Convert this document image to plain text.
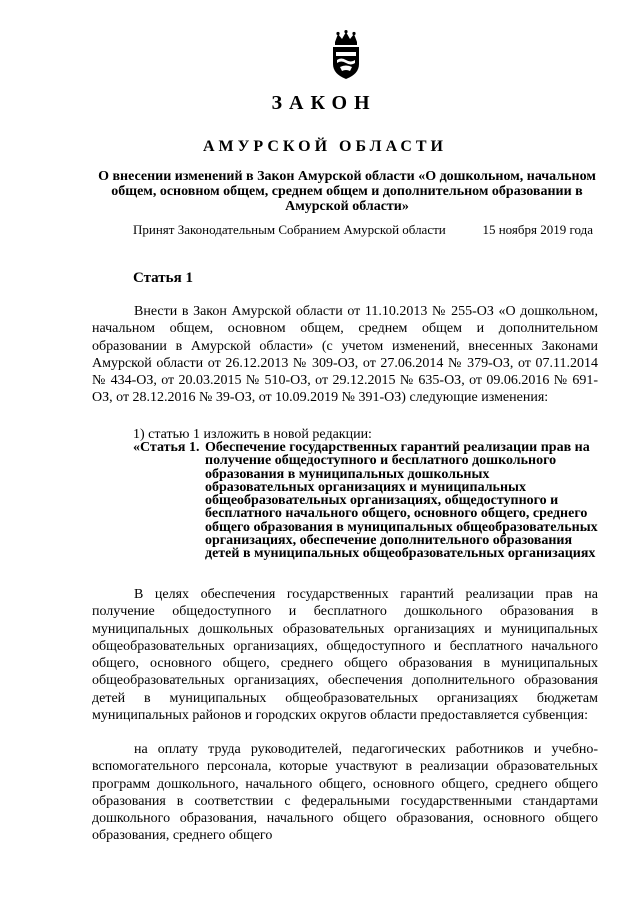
ЗАКОН
АМУРСКОЙ ОБЛАСТИ
О внесении изменений в Закон Амурской области «О дошкольном, начальном общем, основном общем, среднем общем и дополнительном образовании в Амурской области»
Принят Законодательным Собранием Амурской области	15 ноября 2019 года
Статья 1
Внести в Закон Амурской области от 11.10.2013 № 255-ОЗ «О дошкольном, начальном общем, основном общем, среднем общем и дополнительном образовании в Амурской области» (с учетом изменений, внесенных Законами Амурской области от 26.12.2013 № 309-ОЗ, от 27.06.2014 № 379-ОЗ, от 07.11.2014 № 434-ОЗ, от 20.03.2015 № 510-ОЗ, от 29.12.2015 № 635-ОЗ, от 09.06.2016 № 691-ОЗ, от 28.12.2016 № 39-ОЗ, от 10.09.2019 № 391-ОЗ) следующие изменения:
1) статью 1 изложить в новой редакции:
«Статья 1. Обеспечение государственных гарантий реализации прав на получение общедоступного и бесплатного дошкольного образования в муниципальных дошкольных образовательных организациях и муниципальных общеобразовательных организациях, общедоступного и бесплатного начального общего, основного общего, среднего общего образования в муниципальных общеобразовательных организациях, обеспечение дополнительного образования детей в муниципальных общеобразовательных организациях
В целях обеспечения государственных гарантий реализации прав на получение общедоступного и бесплатного дошкольного образования в муниципальных дошкольных образовательных организациях и муниципальных общеобразовательных организациях, общедоступного и бесплатного начального общего, основного общего, среднего общего образования в муниципальных общеобразовательных организациях, обеспечения дополнительного образования детей в муниципальных общеобразовательных организациях бюджетам муниципальных районов и городских округов области предоставляется субвенция:
на оплату труда руководителей, педагогических работников и учебно-вспомогательного персонала, которые участвуют в реализации образовательных программ дошкольного, начального общего, основного общего, среднего общего образования в соответствии с федеральными государственными стандартами дошкольного образования, начального общего образования, основного общего образования, среднего общего
